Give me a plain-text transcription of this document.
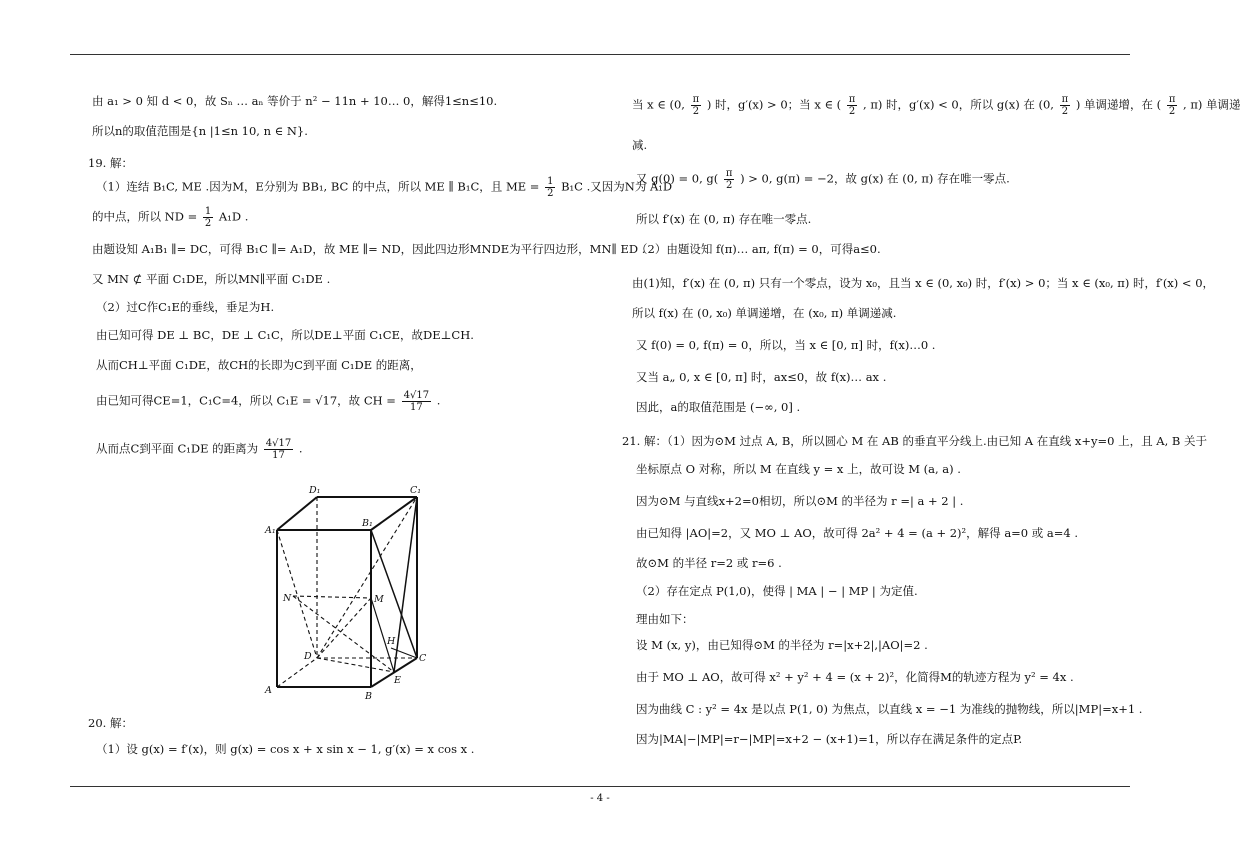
由 a₁ > 0 知 d < 0，故 Sₙ … aₙ 等价于 n² − 11n + 10… 0，解得1≤n≤10.
所以n的取值范围是{n |1≤n 10, n ∈ N}.
19. 解：
（1）连结 B₁C, ME .因为M，E分别为 BB₁, BC 的中点，所以 ME ∥ B₁C，且 ME = $\frac{1}{2} B_1C$ .又因为N为 A₁D
的中点，所以 ND = $\frac{1}{2} A_1D$ .
由题设知 A₁B₁ ∥= DC，可得 B₁C ∥= A₁D，故 ME ∥= ND，因此四边形MNDE为平行四边形，MN∥ ED .
又 MN ⊄ 平面 C₁DE，所以MN∥平面 C₁DE .
（2）过C作C₁E的垂线，垂足为H.
由已知可得 DE ⊥ BC，DE ⊥ C₁C，所以DE⊥平面 C₁CE，故DE⊥CH.
从而CH⊥平面 C₁DE，故CH的长即为C到平面 C₁DE 的距离，
由已知可得CE=1，C₁C=4，所以 C₁E = √17，故 CH = $\frac{4√17}{17}$ .
从而点C到平面 C₁DE 的距离为 $\frac{4√17}{17}$ .
20. 解：
（1）设 g(x) = f′(x)，则 g(x) = cos x + x sin x − 1, g′(x) = x cos x .
D₁	C₁
A₁
B₁
N	M
H
D	C
E
A
B
当 x ∈ (0, $\frac{\pi}{2}$ ) 时，g′(x) > 0；当 x ∈ ( $\frac{\pi}{2}$ , π) 时，g′(x) < 0，所以 g(x) 在 (0, $\frac{\pi}{2}$ ) 单调递增，在 ( $\frac{\pi}{2}$ , π) 单调递
减.
又 g(0) = 0, $g( \frac{\pi}{2}$ ) > 0, g(π) = −2，故 g(x) 在 (0, π) 存在唯一零点.
所以 f′(x) 在 (0, π) 存在唯一零点.
（2）由题设知 f(π)… aπ, f(π) = 0，可得a≤0.
由(1)知，f′(x) 在 (0, π) 只有一个零点，设为 x₀，且当 x ∈ (0, x₀) 时，f′(x) > 0；当 x ∈ (x₀, π) 时，f′(x) < 0，
所以 f(x) 在 (0, x₀) 单调递增，在 (x₀, π) 单调递减.
又 f(0) = 0, f(π) = 0，所以，当 x ∈ [0, π] 时，f(x)…0 .
又当 a„ 0, x ∈ [0, π] 时，ax≤0，故 f(x)… ax .
因此，a的取值范围是 (−∞, 0] .
21. 解：（1）因为⊙M 过点 A, B，所以圆心 M 在 AB 的垂直平分线上.由已知 A 在直线 x+y=0 上，且 A, B 关于
坐标原点 O 对称，所以 M 在直线 y = x 上，故可设 M (a, a) .
因为⊙M 与直线x+2=0相切，所以⊙M 的半径为 r =| a + 2 | .
由已知得 |AO|=2，又 MO ⊥ AO，故可得 2a² + 4 = (a + 2)²，解得 a=0 或 a=4 .
故⊙M 的半径 r=2 或 r=6 .
（2）存在定点 P(1,0)，使得 | MA | − | MP | 为定值.
理由如下：
设 M (x, y)，由已知得⊙M 的半径为 r=|x+2|,|AO|=2 .
由于 MO ⊥ AO，故可得 x² + y² + 4 = (x + 2)²，化简得M的轨迹方程为 y² = 4x .
因为曲线 C : y² = 4x 是以点 P(1, 0) 为焦点，以直线 x = −1 为准线的抛物线，所以|MP|=x+1 .
因为|MA|−|MP|=r−|MP|=x+2 − (x+1)=1，所以存在满足条件的定点P.
- 4 -
